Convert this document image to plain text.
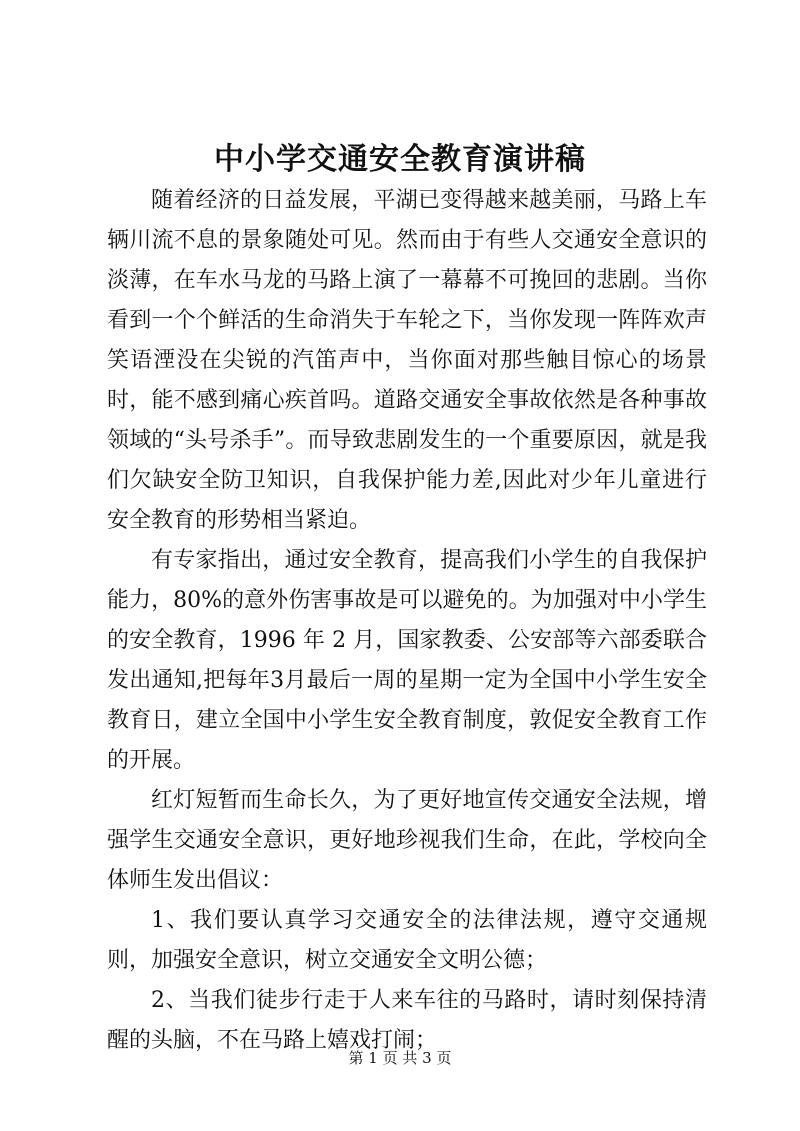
中小学交通安全教育演讲稿

随着经济的日益发展，平湖已变得越来越美丽，马路上车辆川流不息的景象随处可见。然而由于有些人交通安全意识的淡薄，在车水马龙的马路上演了一幕幕不可挽回的悲剧。当你看到一个个鲜活的生命消失于车轮之下，当你发现一阵阵欢声笑语湮没在尖锐的汽笛声中，当你面对那些触目惊心的场景时，能不感到痛心疾首吗。道路交通安全事故依然是各种事故领域的“头号杀手”。而导致悲剧发生的一个重要原因，就是我们欠缺安全防卫知识，自我保护能力差,因此对少年儿童进行安全教育的形势相当紧迫。

有专家指出，通过安全教育，提高我们小学生的自我保护能力，80%的意外伤害事故是可以避免的。为加强对中小学生的安全教育，1996 年 2 月，国家教委、公安部等六部委联合发出通知,把每年3月最后一周的星期一定为全国中小学生安全教育日，建立全国中小学生安全教育制度，敦促安全教育工作的开展。

红灯短暂而生命长久，为了更好地宣传交通安全法规，增强学生交通安全意识，更好地珍视我们生命，在此，学校向全体师生发出倡议：

1、我们要认真学习交通安全的法律法规，遵守交通规则，加强安全意识，树立交通安全文明公德；

2、当我们徒步行走于人来车往的马路时，请时刻保持清醒的头脑，不在马路上嬉戏打闹；

第 1 页 共 3 页
